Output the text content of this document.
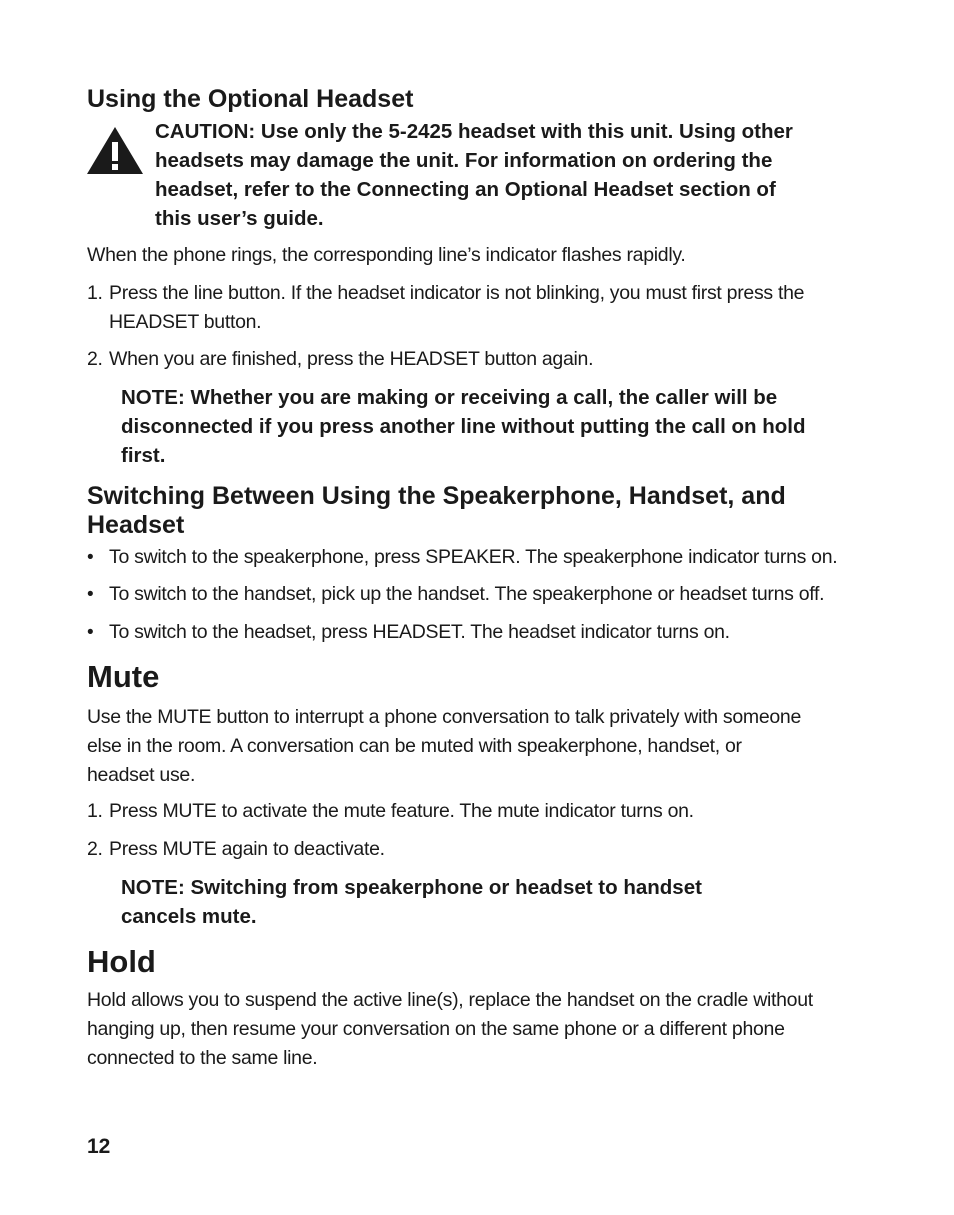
Using the Optional Headset
CAUTION: Use only the 5-2425 headset with this unit. Using other headsets may damage the unit. For information on ordering the headset, refer to the Connecting an Optional Headset section of this user’s guide.
When the phone rings, the corresponding line’s indicator flashes rapidly.
1. Press the line button. If the headset indicator is not blinking, you must first press the HEADSET button.
2. When you are finished, press the HEADSET button again.
NOTE: Whether you are making or receiving a call, the caller will be disconnected if you press another line without putting the call on hold first.
Switching Between Using the Speakerphone, Handset, and Headset
• To switch to the speakerphone, press SPEAKER. The speakerphone indicator turns on.
• To switch to the handset, pick up the handset. The speakerphone or headset turns off.
• To switch to the headset, press HEADSET. The headset indicator turns on.
Mute
Use the MUTE button to interrupt a phone conversation to talk privately with someone else in the room. A conversation can be muted with speakerphone, handset, or headset use.
1. Press MUTE to activate the mute feature. The mute indicator turns on.
2. Press MUTE again to deactivate.
NOTE: Switching from speakerphone or headset to handset cancels mute.
Hold
Hold allows you to suspend the active line(s), replace the handset on the cradle without hanging up, then resume your conversation on the same phone or a different phone connected to the same line.
12
